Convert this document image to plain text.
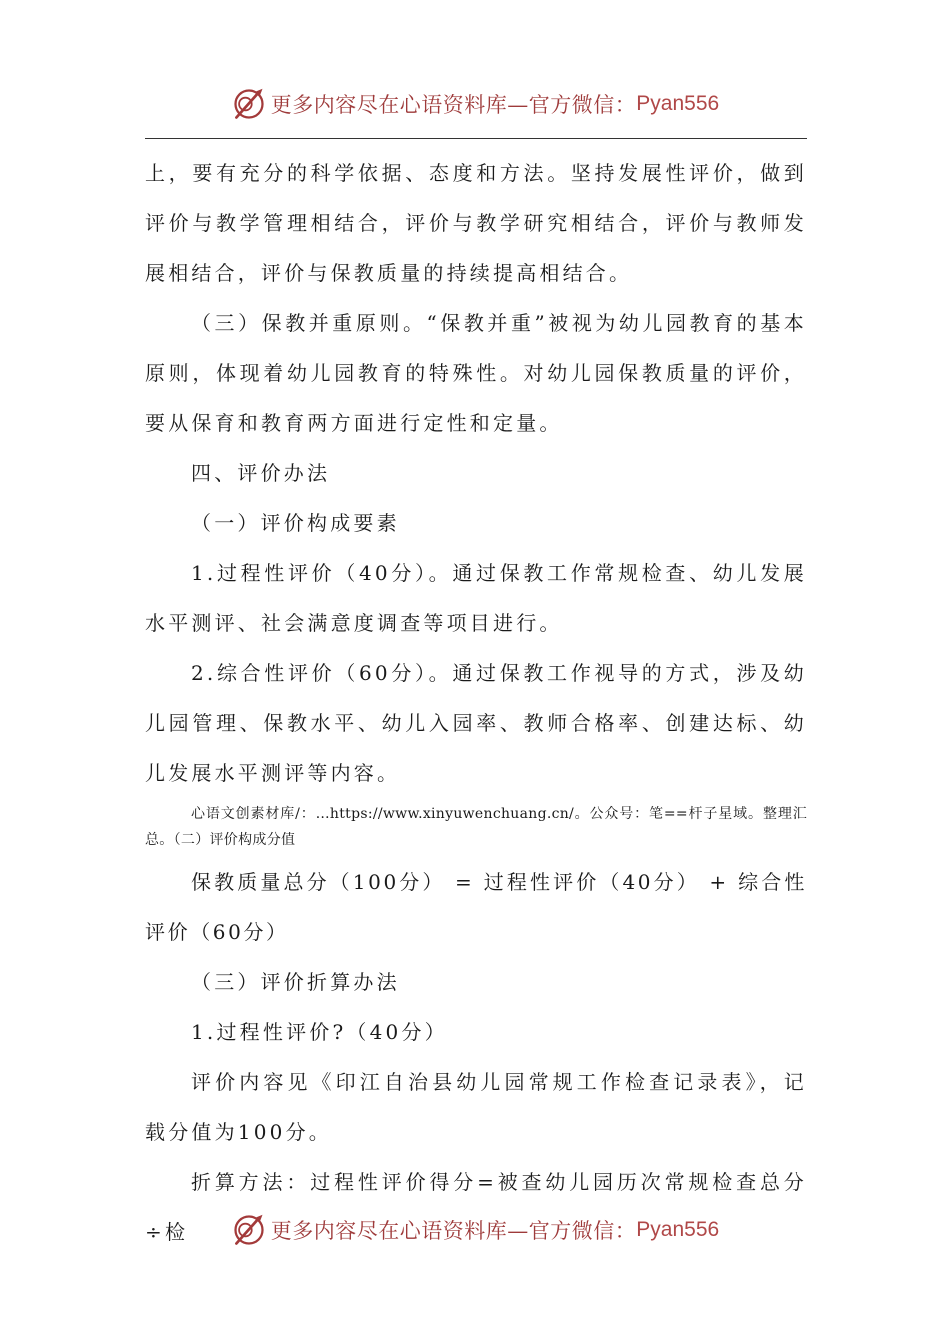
更多内容尽在心语资料库—官方微信： Pyan556

上，要有充分的科学依据、态度和方法。坚持发展性评价，做到评价与教学管理相结合，评价与教学研究相结合，评价与教师发展相结合，评价与保教质量的持续提高相结合。

（三）保教并重原则。“保教并重”被视为幼儿园教育的基本原则，体现着幼儿园教育的特殊性。对幼儿园保教质量的评价，要从保育和教育两方面进行定性和定量。

四、评价办法

（一）评价构成要素

1.过程性评价（40分）。通过保教工作常规检查、幼儿发展水平测评、社会满意度调查等项目进行。

2.综合性评价（60分）。通过保教工作视导的方式，涉及幼儿园管理、保教水平、幼儿入园率、教师合格率、创建达标、幼儿发展水平测评等内容。

心语文创素材库/：…https://www.xinyuwenchuang.cn/。公众号：笔==杆子星域。整理汇总。（二）评价构成分值

保教质量总分（100分） = 过程性评价（40分） + 综合性评价（60分）

（三）评价折算办法

1.过程性评价?（40分）

评价内容见《印江自治县幼儿园常规工作检查记录表》，记载分值为100分。

折算方法：过程性评价得分=被查幼儿园历次常规检查总分÷检	更多内容尽在心语资料库—官方微信： Pyan556
